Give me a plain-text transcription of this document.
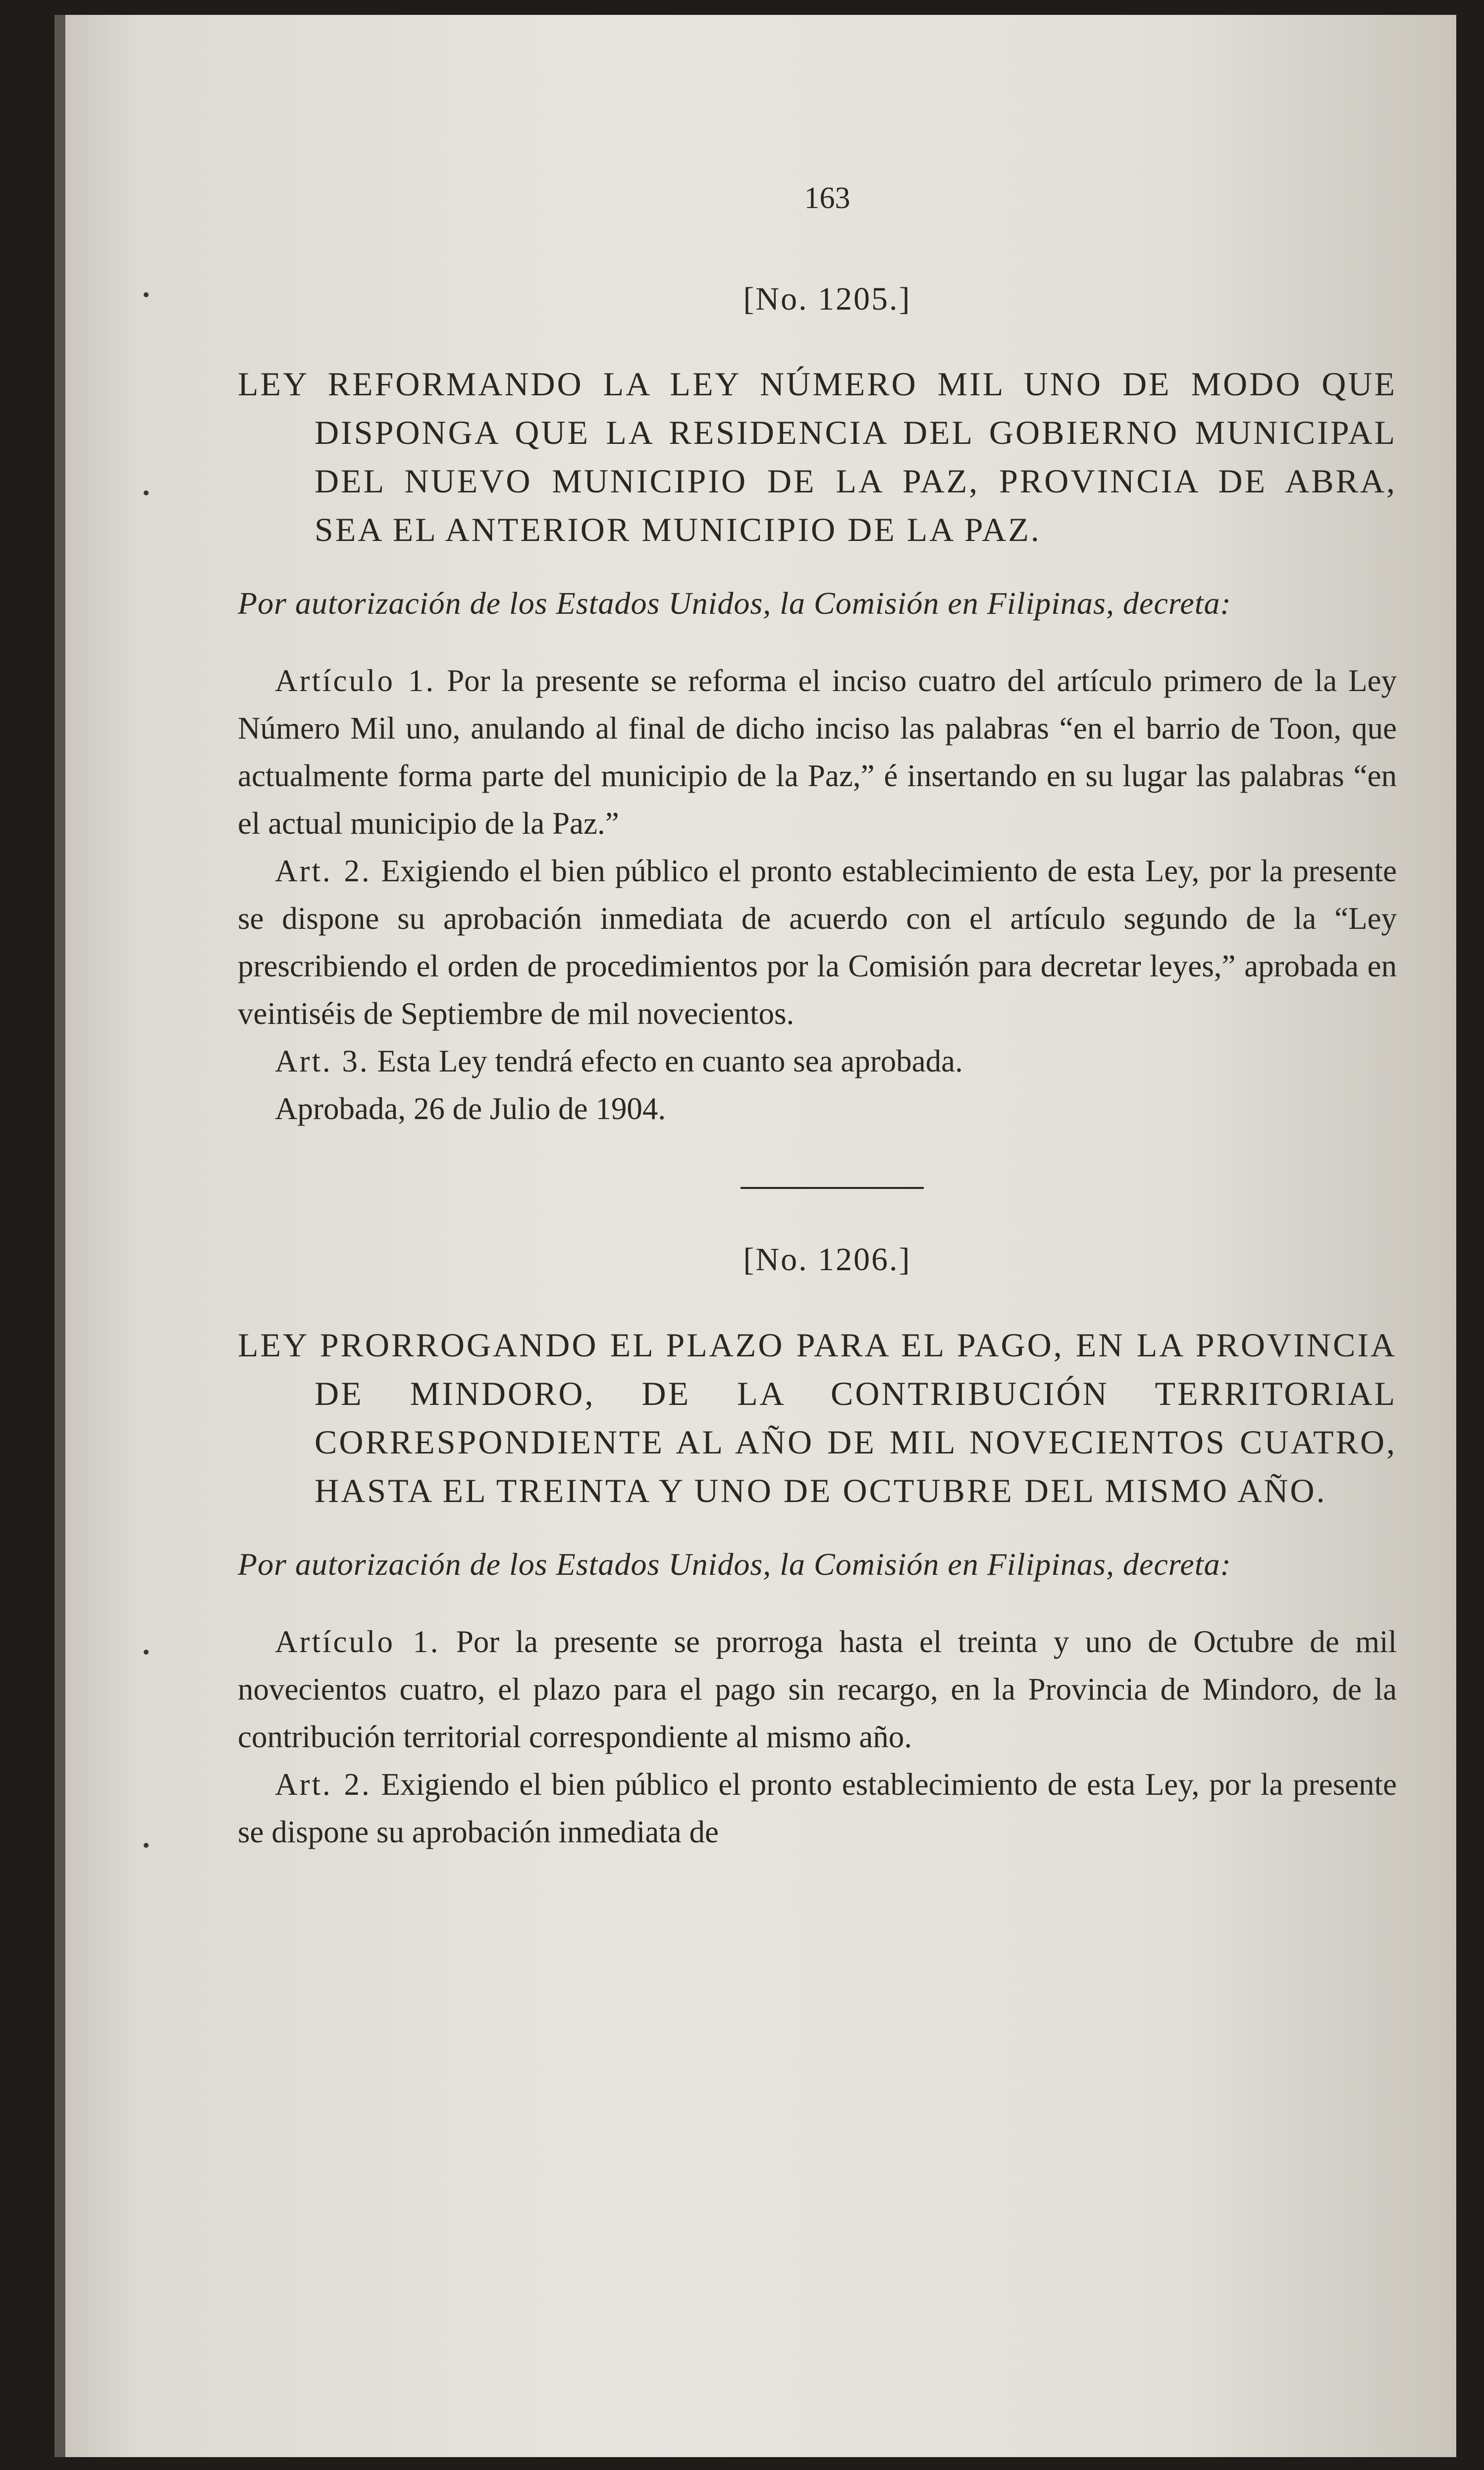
163
[No. 1205.]
LEY REFORMANDO LA LEY NÚMERO MIL UNO DE MODO QUE DISPONGA QUE LA RESIDENCIA DEL GOBIERNO MUNICIPAL DEL NUEVO MUNICIPIO DE LA PAZ, PROVINCIA DE ABRA, SEA EL ANTERIOR MUNICIPIO DE LA PAZ.
Por autorización de los Estados Unidos, la Comisión en Filipinas, decreta:

Artículo 1. Por la presente se reforma el inciso cuatro del artículo primero de la Ley Número Mil uno, anulando al final de dicho inciso las palabras “en el barrio de Toon, que actualmente forma parte del municipio de la Paz,” é insertando en su lugar las palabras “en el actual municipio de la Paz.”

Art. 2. Exigiendo el bien público el pronto establecimiento de esta Ley, por la presente se dispone su aprobación inmediata de acuerdo con el artículo segundo de la “Ley prescribiendo el orden de procedimientos por la Comisión para decretar leyes,” aprobada en veintiséis de Septiembre de mil novecientos.

Art. 3. Esta Ley tendrá efecto en cuanto sea aprobada.

Aprobada, 26 de Julio de 1904.

[No. 1206.]
LEY PRORROGANDO EL PLAZO PARA EL PAGO, EN LA PROVINCIA DE MINDORO, DE LA CONTRIBUCIÓN TERRITORIAL CORRESPONDIENTE AL AÑO DE MIL NOVECIENTOS CUATRO, HASTA EL TREINTA Y UNO DE OCTUBRE DEL MISMO AÑO.
Por autorización de los Estados Unidos, la Comisión en Filipinas, decreta:

Artículo 1. Por la presente se prorroga hasta el treinta y uno de Octubre de mil novecientos cuatro, el plazo para el pago sin recargo, en la Provincia de Mindoro, de la contribución territorial correspondiente al mismo año.

Art. 2. Exigiendo el bien público el pronto establecimiento de esta Ley, por la presente se dispone su aprobación inmediata de
